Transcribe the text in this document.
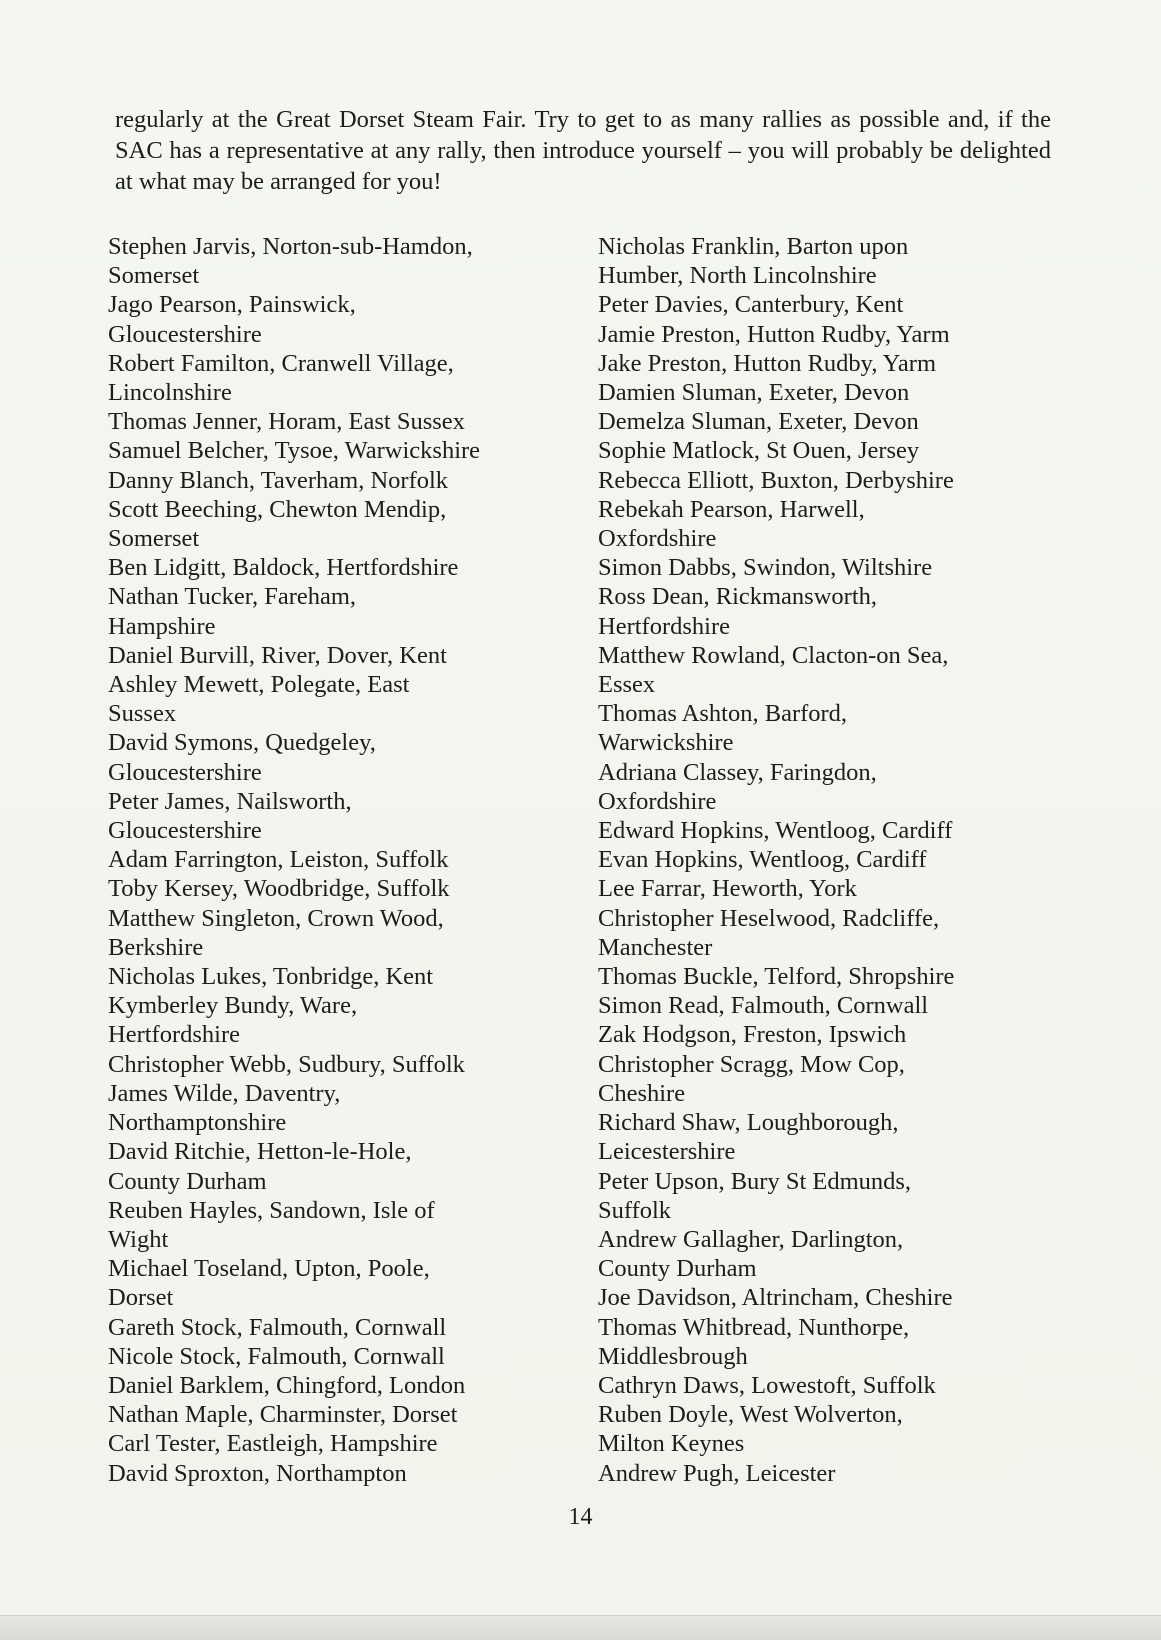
regularly at the Great Dorset Steam Fair. Try to get to as many rallies as possible and, if the SAC has a representative at any rally, then introduce yourself – you will probably be delighted at what may be arranged for you!

Stephen Jarvis, Norton-sub-Hamdon,
Somerset
Jago Pearson, Painswick,
Gloucestershire
Robert Familton, Cranwell Village,
Lincolnshire
Thomas Jenner, Horam, East Sussex
Samuel Belcher, Tysoe, Warwickshire
Danny Blanch, Taverham, Norfolk
Scott Beeching, Chewton Mendip,
Somerset
Ben Lidgitt, Baldock, Hertfordshire
Nathan Tucker, Fareham,
Hampshire
Daniel Burvill, River, Dover, Kent
Ashley Mewett, Polegate, East
Sussex
David Symons, Quedgeley,
Gloucestershire
Peter James, Nailsworth,
Gloucestershire
Adam Farrington, Leiston, Suffolk
Toby Kersey, Woodbridge, Suffolk
Matthew Singleton, Crown Wood,
Berkshire
Nicholas Lukes, Tonbridge, Kent
Kymberley Bundy, Ware,
Hertfordshire
Christopher Webb, Sudbury, Suffolk
James Wilde, Daventry,
Northamptonshire
David Ritchie, Hetton-le-Hole,
County Durham
Reuben Hayles, Sandown, Isle of
Wight
Michael Toseland, Upton, Poole,
Dorset
Gareth Stock, Falmouth, Cornwall
Nicole Stock, Falmouth, Cornwall
Daniel Barklem, Chingford, London
Nathan Maple, Charminster, Dorset
Carl Tester, Eastleigh, Hampshire
David Sproxton, Northampton
Nicholas Franklin, Barton upon
Humber, North Lincolnshire
Peter Davies, Canterbury, Kent
Jamie Preston, Hutton Rudby, Yarm
Jake Preston, Hutton Rudby, Yarm
Damien Sluman, Exeter, Devon
Demelza Sluman, Exeter, Devon
Sophie Matlock, St Ouen, Jersey
Rebecca Elliott, Buxton, Derbyshire
Rebekah Pearson, Harwell,
Oxfordshire
Simon Dabbs, Swindon, Wiltshire
Ross Dean, Rickmansworth,
Hertfordshire
Matthew Rowland, Clacton-on Sea,
Essex
Thomas Ashton, Barford,
Warwickshire
Adriana Classey, Faringdon,
Oxfordshire
Edward Hopkins, Wentloog, Cardiff
Evan Hopkins, Wentloog, Cardiff
Lee Farrar, Heworth, York
Christopher Heselwood, Radcliffe,
Manchester
Thomas Buckle, Telford, Shropshire
Simon Read, Falmouth, Cornwall
Zak Hodgson, Freston, Ipswich
Christopher Scragg, Mow Cop,
Cheshire
Richard Shaw, Loughborough,
Leicestershire
Peter Upson, Bury St Edmunds,
Suffolk
Andrew Gallagher, Darlington,
County Durham
Joe Davidson, Altrincham, Cheshire
Thomas Whitbread, Nunthorpe,
Middlesbrough
Cathryn Daws, Lowestoft, Suffolk
Ruben Doyle, West Wolverton,
Milton Keynes
Andrew Pugh, Leicester

14
